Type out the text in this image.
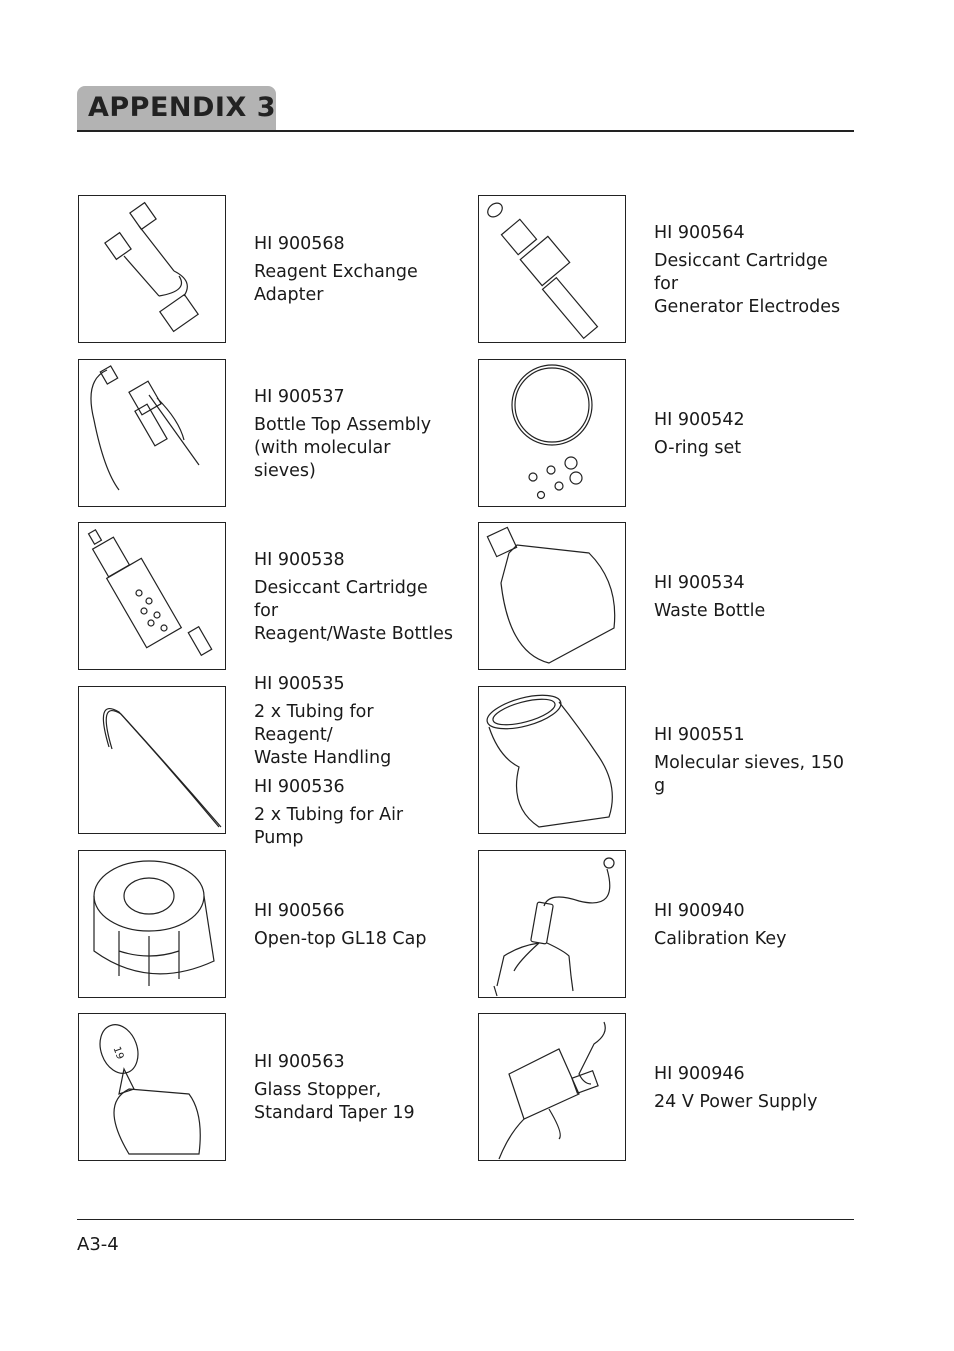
APPENDIX 3
HI 900568
Reagent Exchange
Adapter
HI 900564
Desiccant Cartridge for
Generator Electrodes
HI 900537
Bottle Top Assembly
(with molecular sieves)
HI 900542
O-ring set
HI 900538
Desiccant Cartridge for
Reagent/Waste Bottles
HI 900534
Waste Bottle
HI 900535
2 x Tubing for Reagent/
Waste Handling
HI 900536
2 x Tubing for Air Pump
HI 900551
Molecular sieves, 150 g
HI 900566
Open-top GL18 Cap
HI 900940
Calibration Key
19	HI 900563
Glass Stopper,
Standard Taper 19
HI 900946
24 V Power Supply
A3-4
